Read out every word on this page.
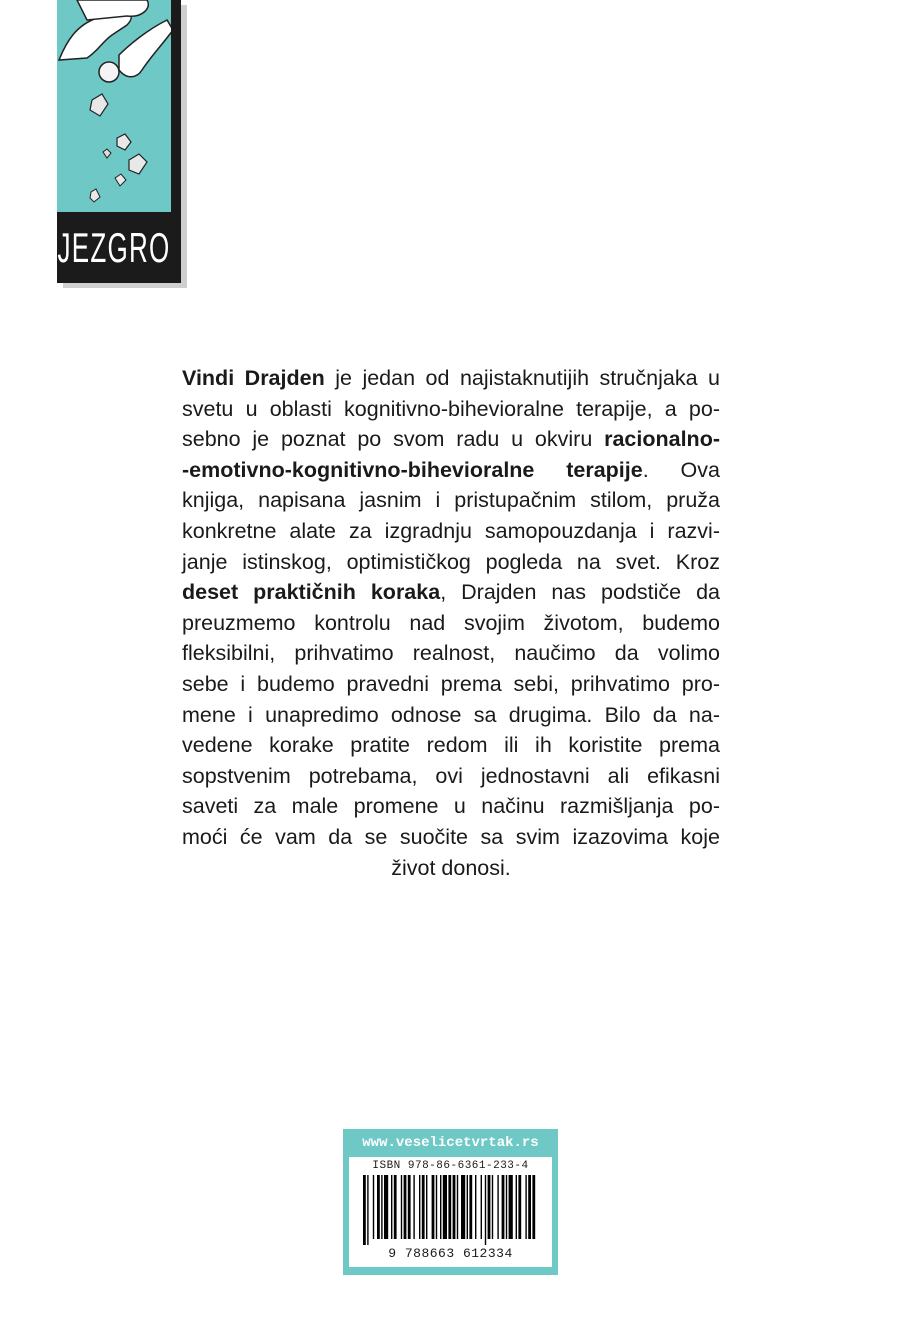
JEZGRO
Vindi Drajden je jedan od najistaknutijih stručnjaka u
svetu u oblasti kognitivno-bihevioralne terapije, a po-
sebno je poznat po svom radu u okviru racionalno-
-emotivno-kognitivno-bihevioralne terapije. Ova
knjiga, napisana jasnim i pristupačnim stilom, pruža
konkretne alate za izgradnju samopouzdanja i razvi-
janje istinskog, optimističkog pogleda na svet. Kroz
deset praktičnih koraka, Drajden nas podstiče da
preuzmemo kontrolu nad svojim životom, budemo
fleksibilni, prihvatimo realnost, naučimo da volimo
sebe i budemo pravedni prema sebi, prihvatimo pro-
mene i unapredimo odnose sa drugima. Bilo da na-
vedene korake pratite redom ili ih koristite prema
sopstvenim potrebama, ovi jednostavni ali efikasni
saveti za male promene u načinu razmišljanja po-
moći će vam da se suočite sa svim izazovima koje
život donosi.
www.veselicetvrtak.rs
ISBN 978-86-6361-233-4
9 788663 612334
